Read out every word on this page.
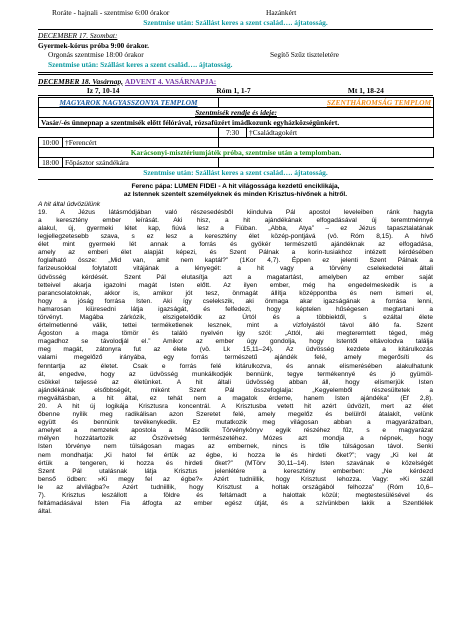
Roráte - hajnali - szentmise 6:00 órakor	Hazánkért
Szentmise után: Szállást keres a szent család…. ájtatosság.
DECEMBER 17. Szombat:
Gyermek-kórus próba 9:00 órakor.
Orgonás szentmise 18:00 órakor	Segítő Szűz tiszteletére
Szentmise után: Szállást keres a szent család…. ájtatosság.
DECEMBER 18. Vasárnap, ADVENT 4. VASÁRNAPJA:
Iz 7, 10-14	Róm 1, 1-7	Mt 1, 18-24
MAGYAROK NAGYASSZONYA TEMPLOM		SZENTHÁROMSÁG TEMPLOM	
Szentmisék rendje és ideje:			
Vasár/-és ünnepnap a szentmisék előtt félórával, rózsafüzért imádkozunk egyházközségünkért.			
		7:30	†Családtagokért
10:00	†Ferencért		
Karácsonyi-misztériumjáték próba, szentmise után a templomban.			
18:00	Főpásztor szándékára		
Szentmise után: Szállást keres a szent család…. ájtatosság.
Ferenc pápa: LUMEN FIDEI - A hit világossága kezdetű enciklikája,
az Istennek szentelt személyeknek és minden Krisztus-hívőnek a hitről.
A hit által üdvözülünk

19. A Jézus látásmódjában való részesedésből kiindulva Pál apostol leveleiben ránk hagyta

a keresztény ember leírását. Aki hisz, a hit ajándékának elfogadásával új teremtménnyé

alakul, új, gyermeki létet kap, fiúvá lesz a Fiúban. „Abba, Atya” – ez Jézus tapasztalatának

legjellegzetesebb szava, s ez lesz a keresztény élet közép-pontjává (vö. Róm 8,15). A hívő

élet mint gyermeki lét annak a forrás és gyökér természetű ajándéknak az elfogadása,

amely az emberi élet alapját képezi, és Szent Pálnak a korin-tusiakhoz intézett kérdésében

foglalható össze: „Mid van, amit nem kaptál?” (1Kor 4,7). Éppen ez jelenti Szent Pálnak a

farizeusokkal folytatott vitájának a lényegét: a hit vagy a törvény cselekedetei általi

üdvösség kérdését. Szent Pál elutasítja azt a magatartást, amelyben az ember saját

tetteivel akarja igazolni magát Isten előtt. Az ilyen ember, még ha engedelmeskedik is a

parancsolatoknak, akkor is, amikor jót tesz, önmagát állítja középpontba és nem ismeri el,

hogy a jóság forrása Isten. Aki így cselekszik, aki önmaga akar igazságának a forrása lenni,

hamarosan kiüresedni látja igazságát, és felfedezi, hogy képtelen hűségesen megtartani a

törvényt. Magába zárkózik, elszigetelődik az Úrtól és a többiektől, s ezáltal élete

értelmetlenné válik, tettei terméketlenek lesznek, mint a vízfolyástól távol álló fa. Szent

Ágoston a maga tömör és találó nyelvén így szól: „Attól, aki megteremtett téged, még

magadhoz se távolodjál el.” Amikor az ember úgy gondolja, hogy Istentől eltávolodva találja

meg magát, zátonyra fut az élete (vö. Lk 15,11–24). Az üdvösség kezdete a kitárulkozás

valami megelőző irányába, egy forrás természetű ajándék felé, amely megerősíti és

fenntartja az életet. Csak e forrás felé kitárulkozva, és annak elismerésében alakulhatunk

át, engedve, hogy az üdvösség munkálkodjék bennünk, tegye termékennyé és jó gyümöl-

csökkel teljessé az életünket. A hit általi üdvösség abban áll, hogy elismerjük Isten

ajándékának elsőbbségét, miként Szent Pál összefoglalja: „Kegyelemből részesültetek a

megváltásban, a hit által, ez tehát nem a magatok érdeme, hanem Isten ajándéka” (Ef 2,8).

20. A hit új logikája Krisztusra koncentrál. A Krisztusba vetett hit azért üdvözít, mert az élet

őbenne nyílik meg radikálisan azon Szeretet felé, amely megelőz és belülről átalakít, velünk

együtt és bennünk tevékenykedik. Ez mutatkozik meg világosan abban a magyarázatban,

amelyet a nemzetek apostola a Második Törvénykönyv egyik részéhez fűz, s e magyarázat

mélyen hozzátartozik az Ószövetség természetéhez. Mózes azt mondja a népnek, hogy

Isten törvénye nem túlságosan magas az embernek, nincs is tőle túlságosan távol. Senki

nem mondhatja: „Ki hatol fel értük az égbe, ki hozza le és hirdeti őket?”; vagy „Ki kel át

értük a tengeren, ki hozza és hirdeti őket?” (MTörv 30,11–14). Isten szavának e közelségét

Szent Pál utalásnak látja Krisztus jelenlétére a keresztény emberben: „Ne kérdezd

benső ödben: »Ki megy fel az égbe?« Azért tudniillik, hogy Krisztust lehozza. Vagy: »Ki száll

le az alvilágba?« Azért tudniillik, hogy Krisztust a holtak országából felhozza” (Róm 10,6–

7). Krisztus leszállott a földre és feltámadt a halottak közül; megtestesülésével és

feltámadásával Isten Fia átfogta az ember egész útját, és a szívünkben lakik a Szentlélek

által.
